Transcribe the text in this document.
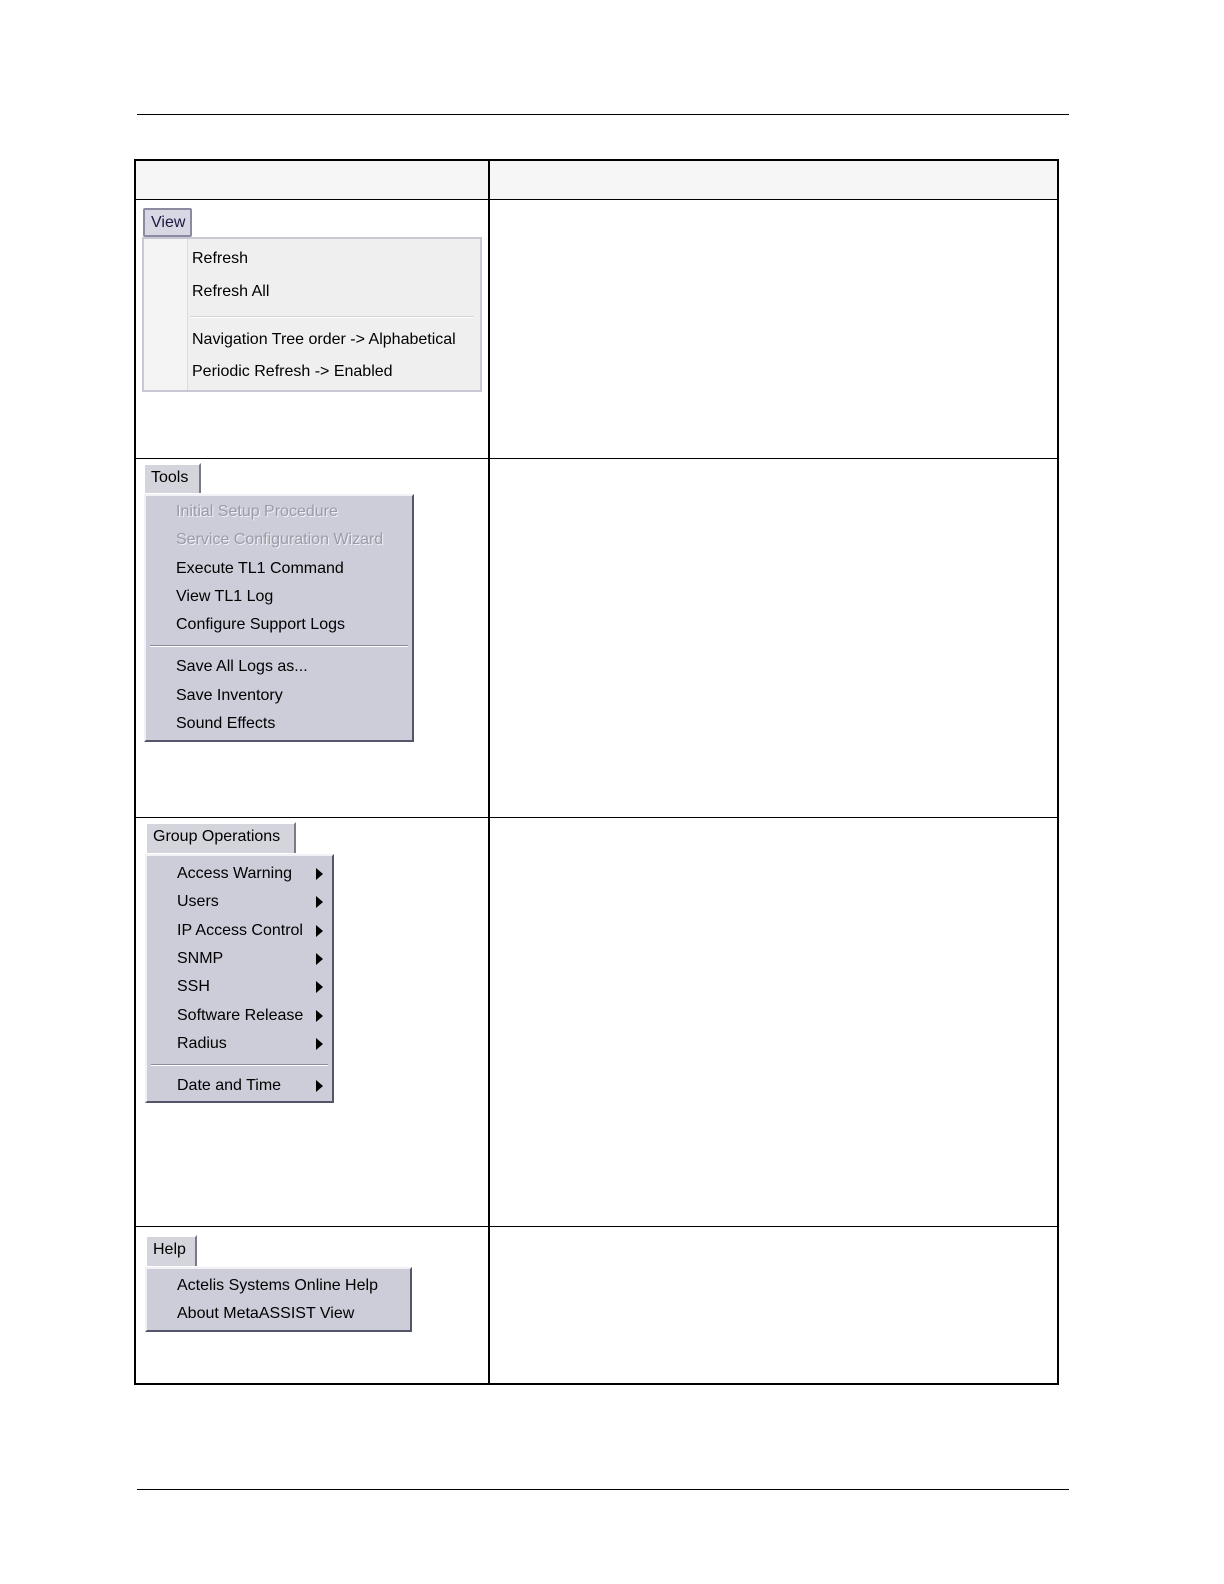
View
Refresh
Refresh All
Navigation Tree order -> Alphabetical
Periodic Refresh -> Enabled
Tools
Initial Setup Procedure
Service Configuration Wizard
Execute TL1 Command
View TL1 Log
Configure Support Logs
Save All Logs as...
Save Inventory
Sound Effects
Group Operations
Access Warning
Users
IP Access Control
SNMP
SSH
Software Release
Radius
Date and Time
Help
Actelis Systems Online Help
About MetaASSIST View
